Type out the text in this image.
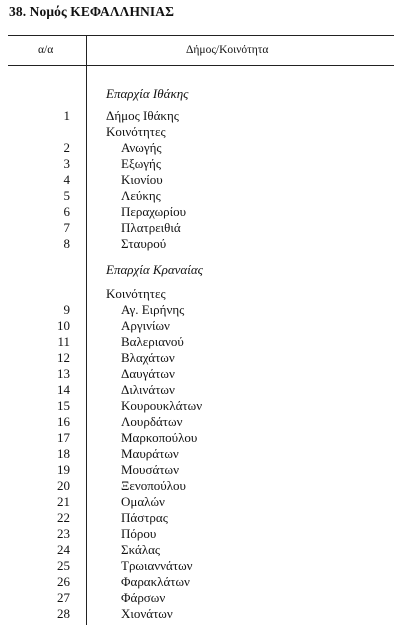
38. Νομός ΚΕΦΑΛΛΗΝΙΑΣ
α/α	Δήμος/Κοινότητα
Επαρχία Ιθάκης
1	Δήμος Ιθάκης
Κοινότητες
2	Ανωγής
3	Εξωγής
4	Κιονίου
5	Λεύκης
6	Περαχωρίου
7	Πλατρειθιά
8	Σταυρού
Επαρχία Κραναίας
Κοινότητες
9	Αγ. Ειρήνης
10	Αργινίων
11	Βαλεριανού
12	Βλαχάτων
13	Δαυγάτων
14	Διλινάτων
15	Κουρουκλάτων
16	Λουρδάτων
17	Μαρκοπούλου
18	Μαυράτων
19	Μουσάτων
20	Ξενοπούλου
21	Ομαλών
22	Πάστρας
23	Πόρου
24	Σκάλας
25	Τρωιαννάτων
26	Φαρακλάτων
27	Φάρσων
28	Χιονάτων
